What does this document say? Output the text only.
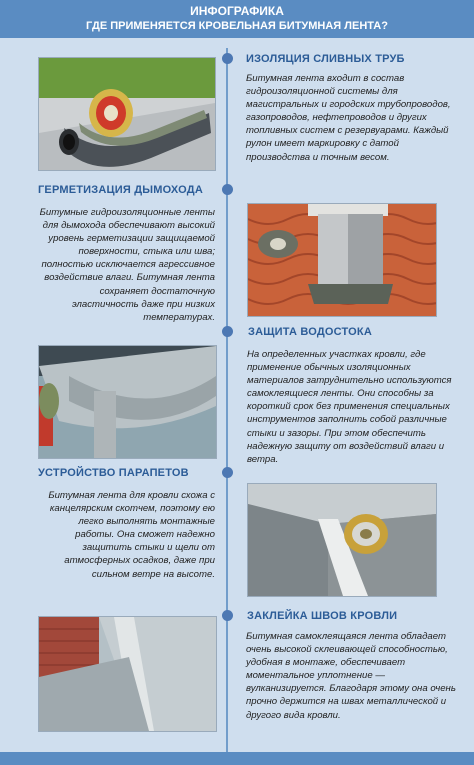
ИНФОГРАФИКА
ГДЕ ПРИМЕНЯЕТСЯ КРОВЕЛЬНАЯ БИТУМНАЯ ЛЕНТА?
ИЗОЛЯЦИЯ СЛИВНЫХ ТРУБ
Битумная лента входит в состав гидроизоляционной системы для магистральных и городских трубопроводов, газопроводов, нефтепроводов и других топливных систем с резервуарами. Каждый рулон имеет маркировку с датой производства и точным весом.
ГЕРМЕТИЗАЦИЯ ДЫМОХОДА
Битумные гидроизоляционные ленты для дымохода обеспечивают высокий уровень герметизации защищаемой поверхности, стыка или шва; полностью исключается агрессивное воздействие влаги. Битумная лента сохраняет достаточную эластичность даже при низких температурах.
ЗАЩИТА ВОДОСТОКА
На определенных участках кровли, где применение обычных изоляционных материалов затруднительно используются самоклеящиеся ленты. Они способны за короткий срок без применения специальных инструментов заполнить собой различные стыки и зазоры. При этом обеспечить надежную защиту от воздействий влаги и ветра.
УСТРОЙСТВО ПАРАПЕТОВ
Битумная лента для кровли схожа с канцелярским скотчем, поэтому ею легко выполнять монтажные работы. Она сможет надежно защитить стыки и щели от атмосферных осадков, даже при сильном ветре на высоте.
ЗАКЛЕЙКА ШВОВ КРОВЛИ
Битумная самоклеящаяся лента обладает очень высокой склеивающей способностью, удобная в монтаже, обеспечивает моментальное уплотнение — вулканизируется. Благодаря этому она очень прочно держится на швах металлической и другого вида кровли.
